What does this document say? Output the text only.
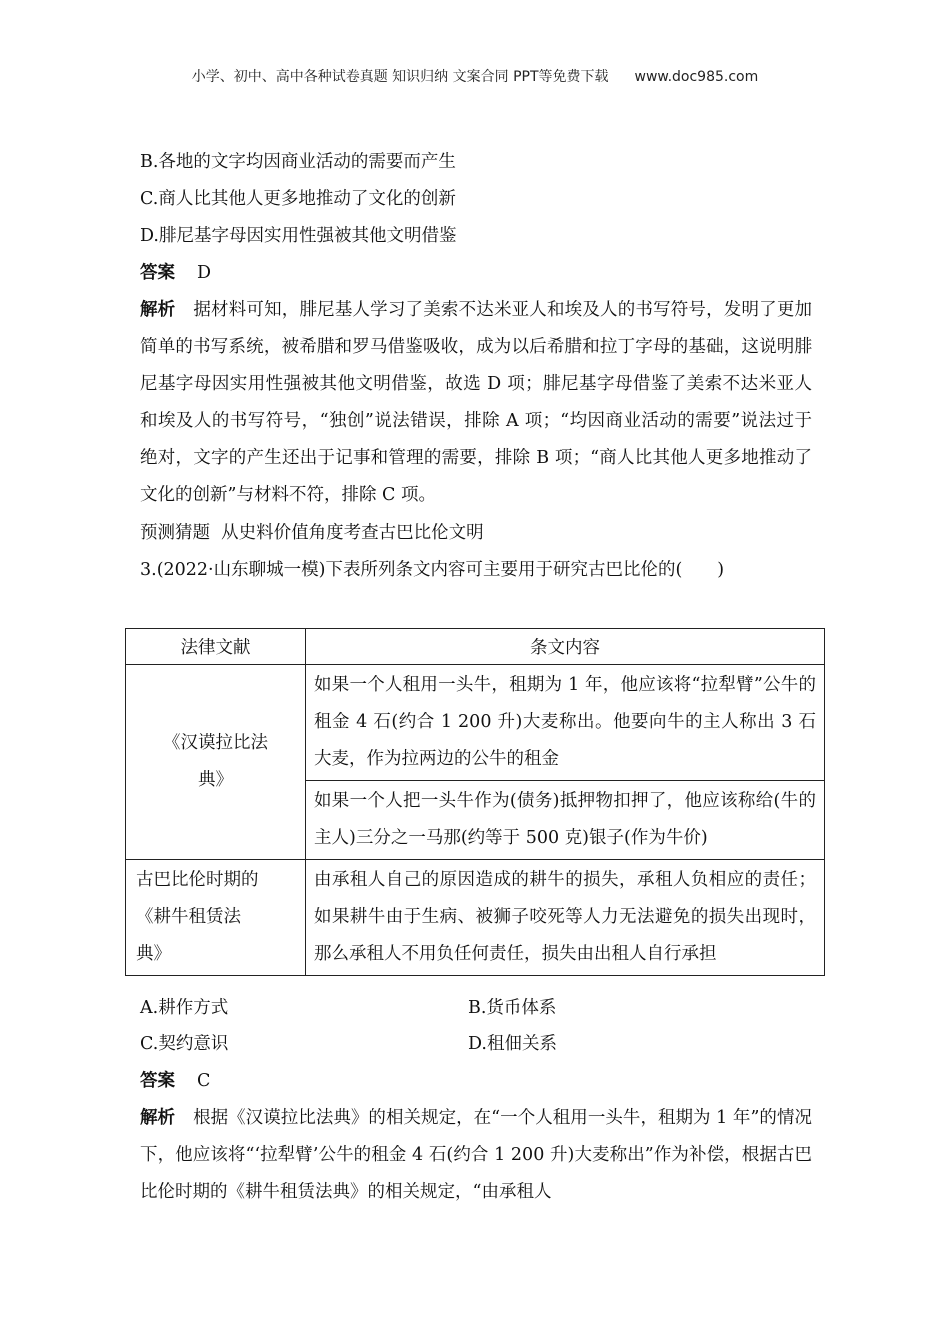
小学、初中、高中各种试卷真题 知识归纳 文案合同 PPT等免费下载 www.doc985.com
B.各地的文字均因商业活动的需要而产生
C.商人比其他人更多地推动了文化的创新
D.腓尼基字母因实用性强被其他文明借鉴
答案 D
解析 据材料可知，腓尼基人学习了美索不达米亚人和埃及人的书写符号，发明了更加简单的书写系统，被希腊和罗马借鉴吸收，成为以后希腊和拉丁字母的基础，这说明腓尼基字母因实用性强被其他文明借鉴，故选 D 项；腓尼基字母借鉴了美索不达米亚人和埃及人的书写符号，“独创”说法错误，排除 A 项；“均因商业活动的需要”说法过于绝对，文字的产生还出于记事和管理的需要，排除 B 项；“商人比其他人更多地推动了文化的创新”与材料不符，排除 C 项。
预测猜题 从史料价值角度考查古巴比伦文明
3.(2022·山东聊城一模)下表所列条文内容可主要用于研究古巴比伦的(　　)
法律文献	条文内容

《汉谟拉比法
典》	如果一个人租用一头牛，租期为 1 年，他应该将“拉犁臂”公牛的租金 4 石(约合 1 200 升)大麦称出。他要向牛的主人称出 3 石大麦，作为拉两边的公牛的租金
	如果一个人把一头牛作为(债务)抵押物扣押了，他应该称给(牛的主人)三分之一马那(约等于 500 克)银子(作为牛价)

古巴比伦时期的
《耕牛租赁法
典》	由承租人自己的原因造成的耕牛的损失，承租人负相应的责任；如果耕牛由于生病、被狮子咬死等人力无法避免的损失出现时，那么承租人不用负任何责任，损失由出租人自行承担
A.耕作方式	B.货币体系
C.契约意识	D.租佃关系
答案 C
解析 根据《汉谟拉比法典》的相关规定，在“一个人租用一头牛，租期为 1 年”的情况下，他应该将“‘拉犁臂’公牛的租金 4 石(约合 1 200 升)大麦称出”作为补偿，根据古巴比伦时期的《耕牛租赁法典》的相关规定，“由承租人
